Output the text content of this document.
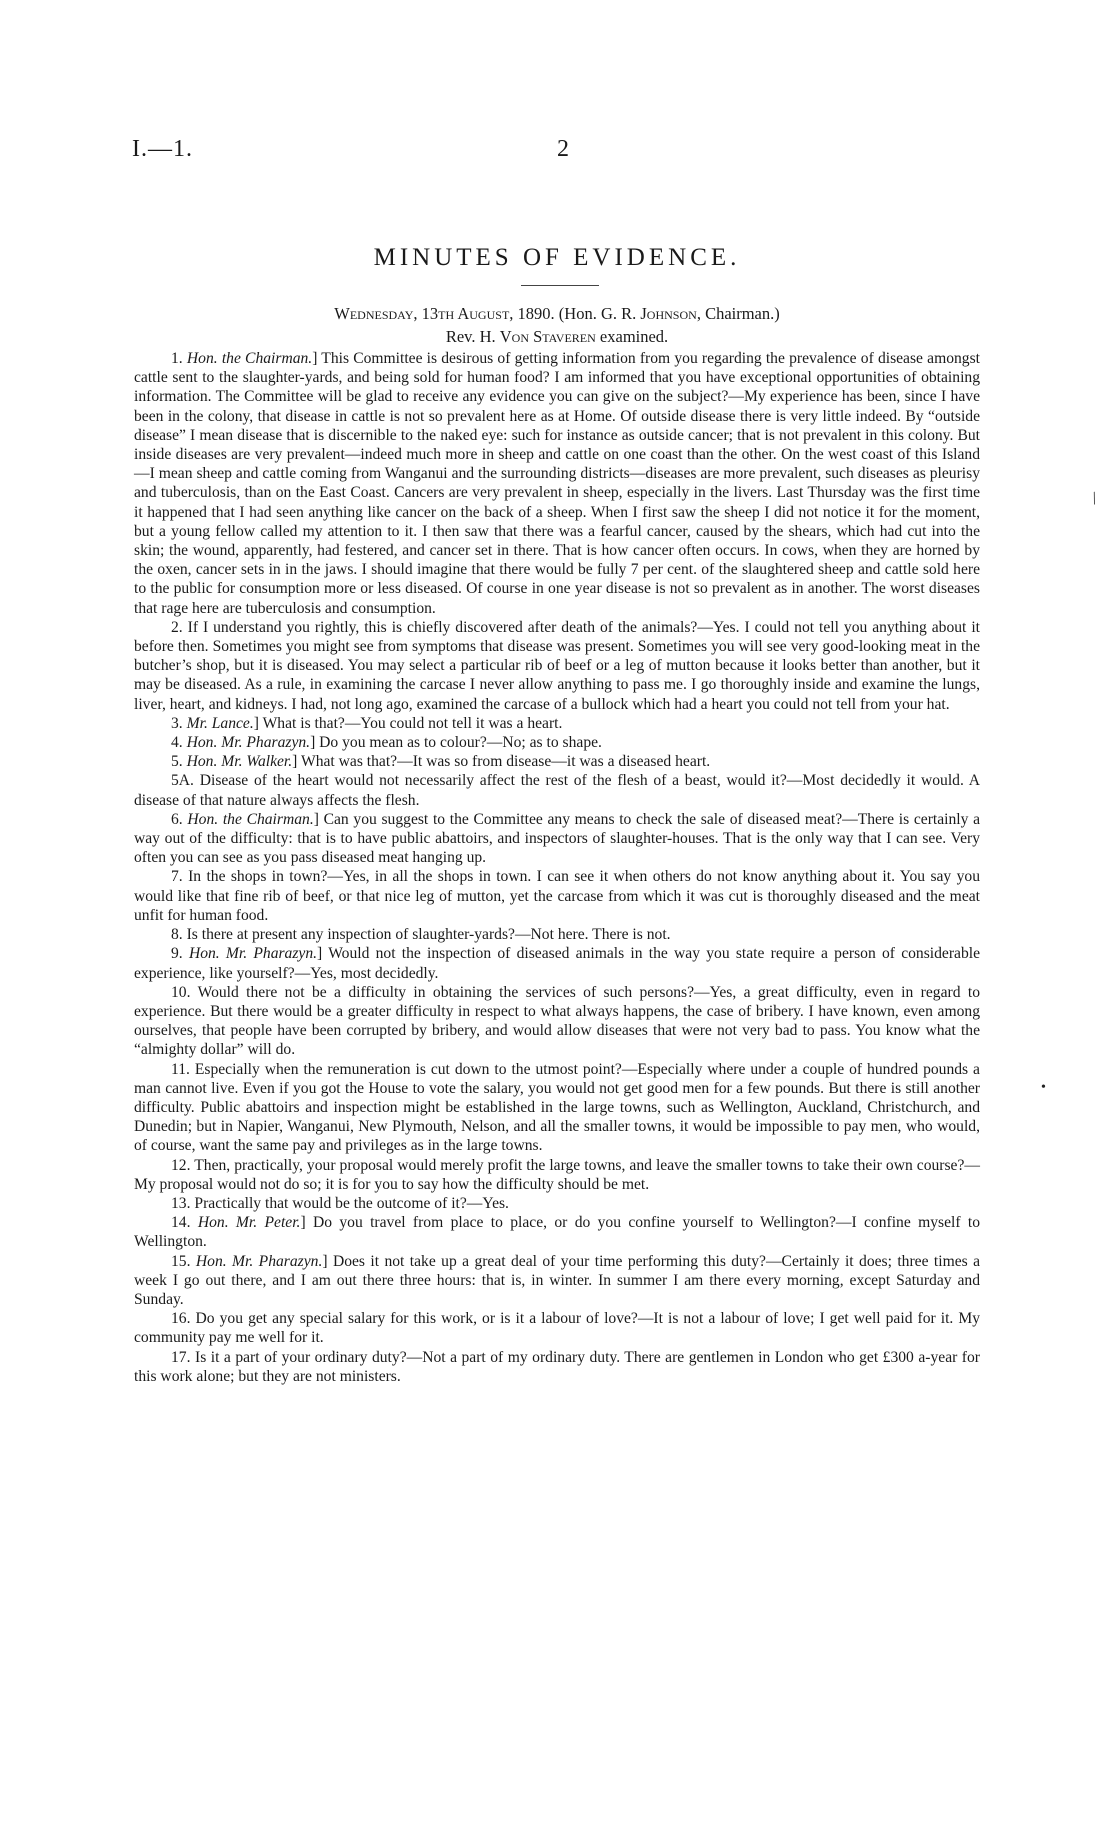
I.—1.	2
MINUTES OF EVIDENCE.
Wednesday, 13th August, 1890. (Hon. G. R. Johnson, Chairman.)
Rev. H. Von Staveren examined.

1. Hon. the Chairman.] This Committee is desirous of getting information from you regarding the prevalence of disease amongst cattle sent to the slaughter-yards, and being sold for human food? I am informed that you have exceptional opportunities of obtaining information. The Committee will be glad to receive any evidence you can give on the subject?—My experience has been, since I have been in the colony, that disease in cattle is not so prevalent here as at Home. Of outside disease there is very little indeed. By “outside disease” I mean disease that is discernible to the naked eye: such for instance as outside cancer; that is not prevalent in this colony. But inside diseases are very prevalent—indeed much more in sheep and cattle on one coast than the other. On the west coast of this Island—I mean sheep and cattle coming from Wanganui and the surrounding districts—diseases are more prevalent, such diseases as pleurisy and tuberculosis, than on the East Coast. Cancers are very prevalent in sheep, especially in the livers. Last Thursday was the first time it happened that I had seen anything like cancer on the back of a sheep. When I first saw the sheep I did not notice it for the moment, but a young fellow called my attention to it. I then saw that there was a fearful cancer, caused by the shears, which had cut into the skin; the wound, apparently, had festered, and cancer set in there. That is how cancer often occurs. In cows, when they are horned by the oxen, cancer sets in in the jaws. I should imagine that there would be fully 7 per cent. of the slaughtered sheep and cattle sold here to the public for consumption more or less diseased. Of course in one year disease is not so prevalent as in another. The worst diseases that rage here are tuberculosis and consumption.

2. If I understand you rightly, this is chiefly discovered after death of the animals?—Yes. I could not tell you anything about it before then. Sometimes you might see from symptoms that disease was present. Sometimes you will see very good-looking meat in the butcher’s shop, but it is diseased. You may select a particular rib of beef or a leg of mutton because it looks better than another, but it may be diseased. As a rule, in examining the carcase I never allow anything to pass me. I go thoroughly inside and examine the lungs, liver, heart, and kidneys. I had, not long ago, examined the carcase of a bullock which had a heart you could not tell from your hat.

3. Mr. Lance.] What is that?—You could not tell it was a heart.

4. Hon. Mr. Pharazyn.] Do you mean as to colour?—No; as to shape.

5. Hon. Mr. Walker.] What was that?—It was so from disease—it was a diseased heart.

5A. Disease of the heart would not necessarily affect the rest of the flesh of a beast, would it?—Most decidedly it would. A disease of that nature always affects the flesh.

6. Hon. the Chairman.] Can you suggest to the Committee any means to check the sale of diseased meat?—There is certainly a way out of the difficulty: that is to have public abattoirs, and inspectors of slaughter-houses. That is the only way that I can see. Very often you can see as you pass diseased meat hanging up.

7. In the shops in town?—Yes, in all the shops in town. I can see it when others do not know anything about it. You say you would like that fine rib of beef, or that nice leg of mutton, yet the carcase from which it was cut is thoroughly diseased and the meat unfit for human food.

8. Is there at present any inspection of slaughter-yards?—Not here. There is not.

9. Hon. Mr. Pharazyn.] Would not the inspection of diseased animals in the way you state require a person of considerable experience, like yourself?—Yes, most decidedly.

10. Would there not be a difficulty in obtaining the services of such persons?—Yes, a great difficulty, even in regard to experience. But there would be a greater difficulty in respect to what always happens, the case of bribery. I have known, even among ourselves, that people have been corrupted by bribery, and would allow diseases that were not very bad to pass. You know what the “almighty dollar” will do.

11. Especially when the remuneration is cut down to the utmost point?—Especially where under a couple of hundred pounds a man cannot live. Even if you got the House to vote the salary, you would not get good men for a few pounds. But there is still another difficulty. Public abattoirs and inspection might be established in the large towns, such as Wellington, Auckland, Christchurch, and Dunedin; but in Napier, Wanganui, New Plymouth, Nelson, and all the smaller towns, it would be impossible to pay men, who would, of course, want the same pay and privileges as in the large towns.

12. Then, practically, your proposal would merely profit the large towns, and leave the smaller towns to take their own course?—My proposal would not do so; it is for you to say how the difficulty should be met.

13. Practically that would be the outcome of it?—Yes.

14. Hon. Mr. Peter.] Do you travel from place to place, or do you confine yourself to Wellington?—I confine myself to Wellington.

15. Hon. Mr. Pharazyn.] Does it not take up a great deal of your time performing this duty?—Certainly it does; three times a week I go out there, and I am out there three hours: that is, in winter. In summer I am there every morning, except Saturday and Sunday.

16. Do you get any special salary for this work, or is it a labour of love?—It is not a labour of love; I get well paid for it. My community pay me well for it.

17. Is it a part of your ordinary duty?—Not a part of my ordinary duty. There are gentlemen in London who get £300 a-year for this work alone; but they are not ministers.

/
•
